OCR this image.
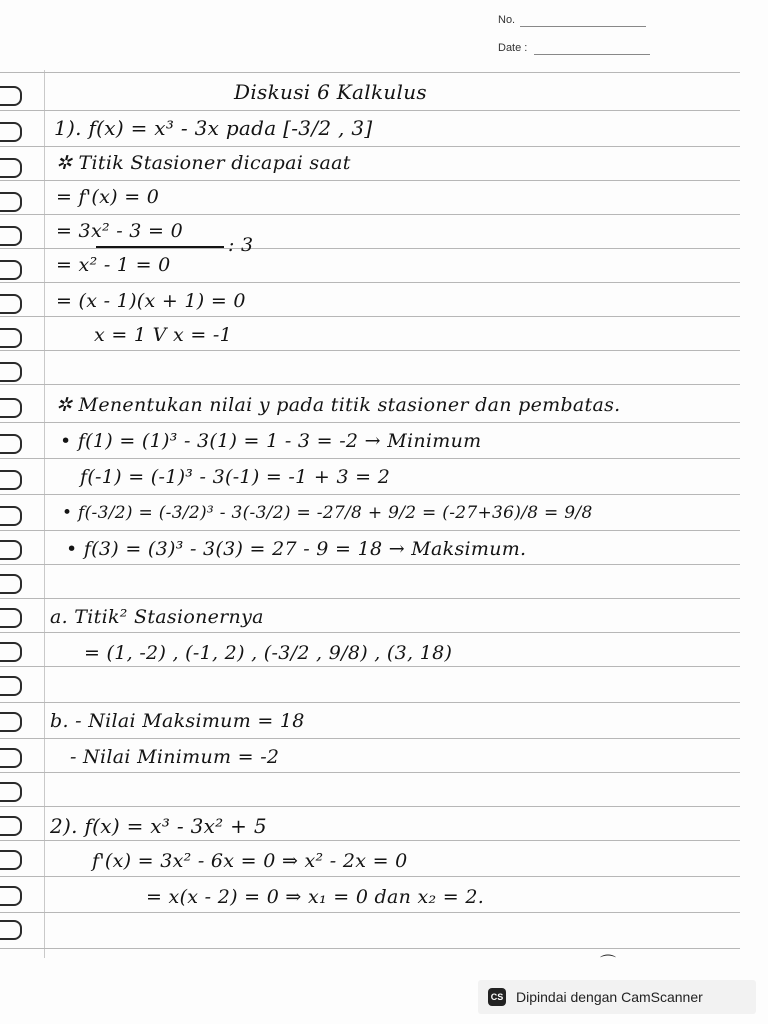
No.
Date :
Diskusi 6 Kalkulus
1). f(x) = x³ - 3x pada [-3/2 , 3]
✲ Titik Stasioner dicapai saat
= f'(x) = 0
= 3x² - 3 = 0
: 3
= x² - 1 = 0
= (x - 1)(x + 1) = 0
x = 1 V x = -1
✲ Menentukan nilai y pada titik stasioner dan pembatas.
• f(1) = (1)³ - 3(1) = 1 - 3 = -2 → Minimum
f(-1) = (-1)³ - 3(-1) = -1 + 3 = 2
• f(-3/2) = (-3/2)³ - 3(-3/2) = -27/8 + 9/2 = (-27+36)/8 = 9/8
• f(3) = (3)³ - 3(3) = 27 - 9 = 18 → Maksimum.
a. Titik² Stasionernya
= (1, -2) , (-1, 2) , (-3/2 , 9/8) , (3, 18)
b. - Nilai Maksimum = 18
- Nilai Minimum = -2
2). f(x) = x³ - 3x² + 5
f'(x) = 3x² - 6x = 0 ⇒ x² - 2x = 0
= x(x - 2) = 0 ⇒ x₁ = 0 dan x₂ = 2.
⌒
CS Dipindai dengan CamScanner
